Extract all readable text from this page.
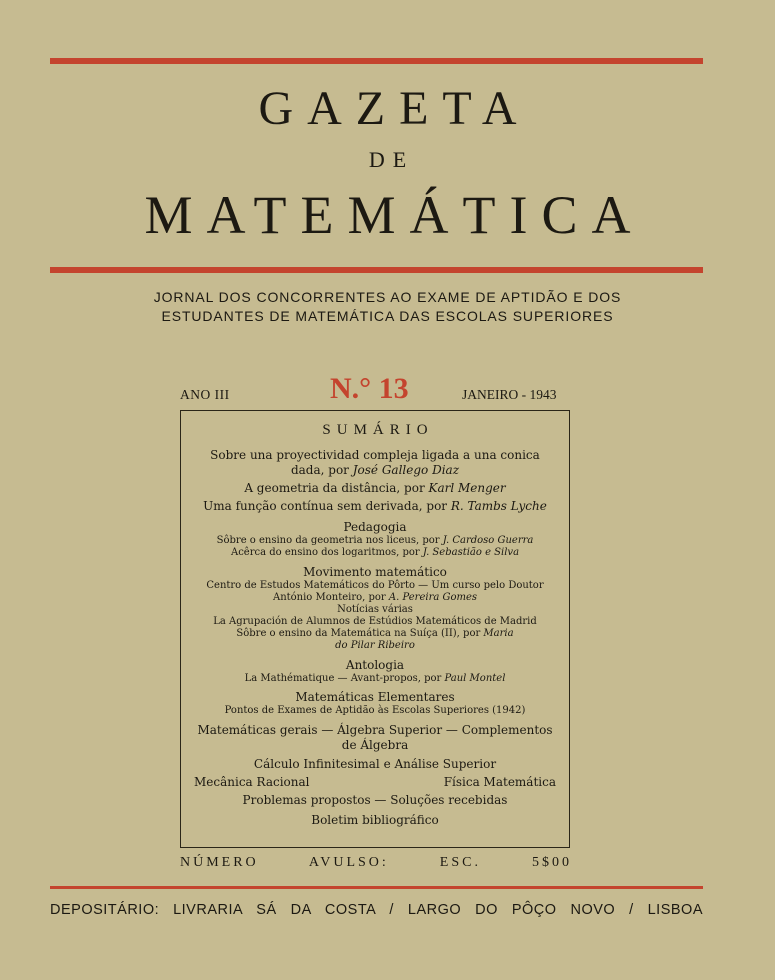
GAZETA
DE
MATEMÁTICA
JORNAL DOS CONCORRENTES AO EXAME DE APTIDÃO E DOS
ESTUDANTES DE MATEMÁTICA DAS ESCOLAS SUPERIORES
ANO III	N.° 13	JANEIRO - 1943
SUMÁRIO
Sobre una proyectividad compleja ligada a una conica
dada, por José Gallego Diaz
A geometria da distância, por Karl Menger
Uma função contínua sem derivada, por R. Tambs Lyche
Pedagogia
Sôbre o ensino da geometria nos liceus, por J. Cardoso Guerra
Acêrca do ensino dos logaritmos, por J. Sebastião e Silva
Movimento matemático
Centro de Estudos Matemáticos do Pôrto — Um curso pelo Doutor
António Monteiro, por A. Pereira Gomes
Notícias várias
La Agrupación de Alumnos de Estúdios Matemáticos de Madrid
Sôbre o ensino da Matemática na Suíça (II), por Maria
do Pilar Ribeiro
Antologia
La Mathématique — Avant-propos, por Paul Montel
Matemáticas Elementares
Pontos de Exames de Aptidão às Escolas Superiores (1942)
Matemáticas gerais — Álgebra Superior — Complementos
de Álgebra
Cálculo Infinitesimal e Análise Superior
Mecânica Racional	Física Matemática
Problemas propostos — Soluções recebidas
Boletim bibliográfico
NÚMERO AVULSO: ESC. 5$00
DEPOSITÁRIO: LIVRARIA SÁ DA COSTA / LARGO DO PÔÇO NOVO / LISBOA
